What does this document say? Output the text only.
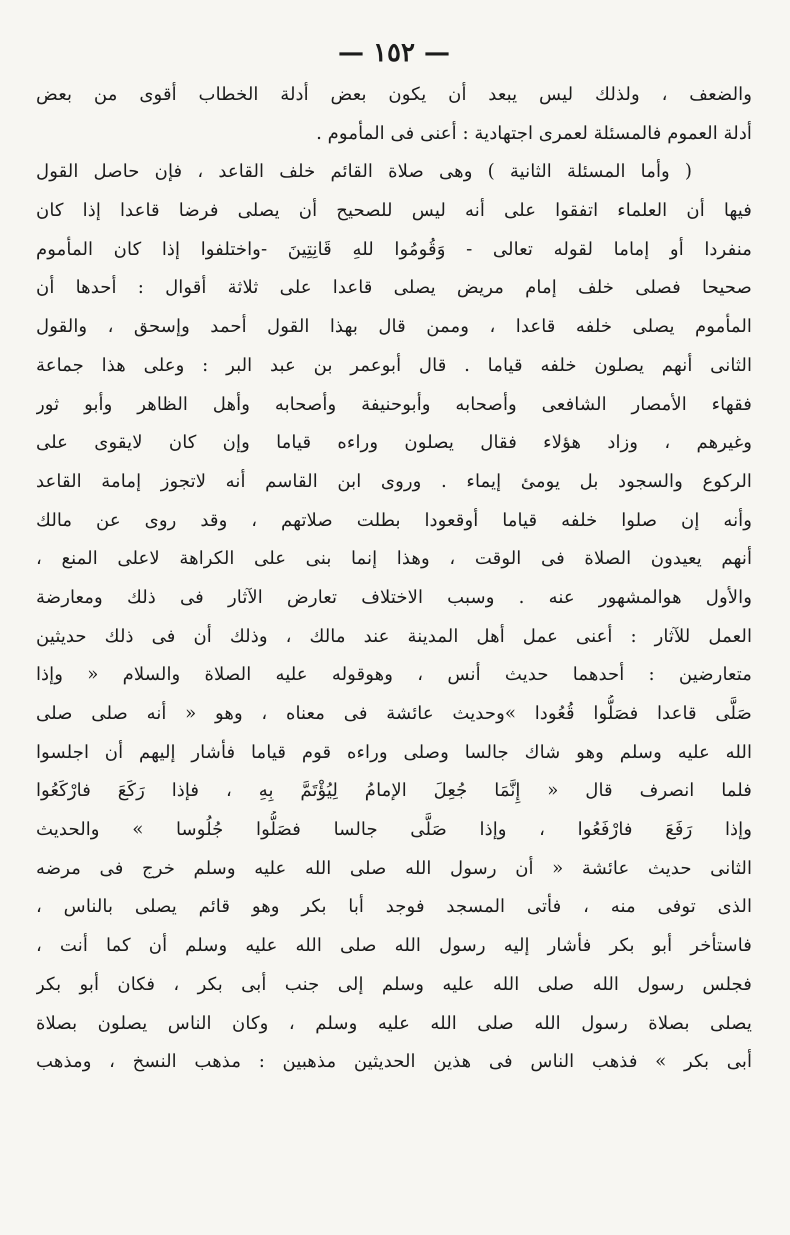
— ١٥٢ —
والضعف ، ولذلك ليس يبعد أن يكون بعض أدلة الخطاب أقوى من بعض
أدلة العموم فالمسئلة لعمرى اجتهادية : أعنى فى المأموم .
( وأما المسئلة الثانية ) وهى صلاة القائم خلف القاعد ، فإن حاصل القول
فيها أن العلماء اتفقوا على أنه ليس للصحيح أن يصلى فرضا قاعدا إذا كان
منفردا أو إماما لقوله تعالى - وَقُومُوا للهِ قَانِتِينَ -واختلفوا إذا كان المأموم
صحيحا فصلى خلف إمام مريض يصلى قاعدا على ثلاثة أقوال : أحدها أن
المأموم يصلى خلفه قاعدا ، وممن قال بهذا القول أحمد وإسحق ، والقول
الثانى أنهم يصلون خلفه قياما . قال أبوعمر بن عبد البر : وعلى هذا جماعة
فقهاء الأمصار الشافعى وأصحابه وأبوحنيفة وأصحابه وأهل الظاهر وأبو ثور
وغيرهم ، وزاد هؤلاء فقال يصلون وراءه قياما وإن كان لايقوى على
الركوع والسجود بل يومئ إيماء . وروى ابن القاسم أنه لاتجوز إمامة القاعد
وأنه إن صلوا خلفه قياما أوقعودا بطلت صلاتهم ، وقد روى عن مالك
أنهم يعيدون الصلاة فى الوقت ، وهذا إنما بنى على الكراهة لاعلى المنع ،
والأول هوالمشهور عنه . وسبب الاختلاف تعارض الآثار فى ذلك ومعارضة
العمل للآثار : أعنى عمل أهل المدينة عند مالك ، وذلك أن فى ذلك حديثين
متعارضين : أحدهما حديث أنس ، وهوقوله عليه الصلاة والسلام « وإذا
صَلَّى قاعدا فصَلُّوا قُعُودا »وحديث عائشة فى معناه ، وهو « أنه صلى صلى
الله عليه وسلم وهو شاك جالسا وصلى وراءه قوم قياما فأشار إليهم أن اجلسوا
فلما انصرف قال « إِنَّمَا جُعِلَ الإمامُ لِيُؤْتَمَّ بِهِ ، فإذا رَكَعَ فارْكَعُوا
وإذا رَفَعَ فارْفَعُوا ، وإذا صَلَّى جالسا فصَلُّوا جُلُوسا » والحديث
الثانى حديث عائشة « أن رسول الله صلى الله عليه وسلم خرج فى مرضه
الذى توفى منه ، فأتى المسجد فوجد أبا بكر وهو قائم يصلى بالناس ،
فاستأخر أبو بكر فأشار إليه رسول الله صلى الله عليه وسلم أن كما أنت ،
فجلس رسول الله صلى الله عليه وسلم إلى جنب أبى بكر ، فكان أبو بكر
يصلى بصلاة رسول الله صلى الله عليه وسلم ، وكان الناس يصلون بصلاة
أبى بكر » فذهب الناس فى هذين الحديثين مذهبين : مذهب النسخ ، ومذهب
